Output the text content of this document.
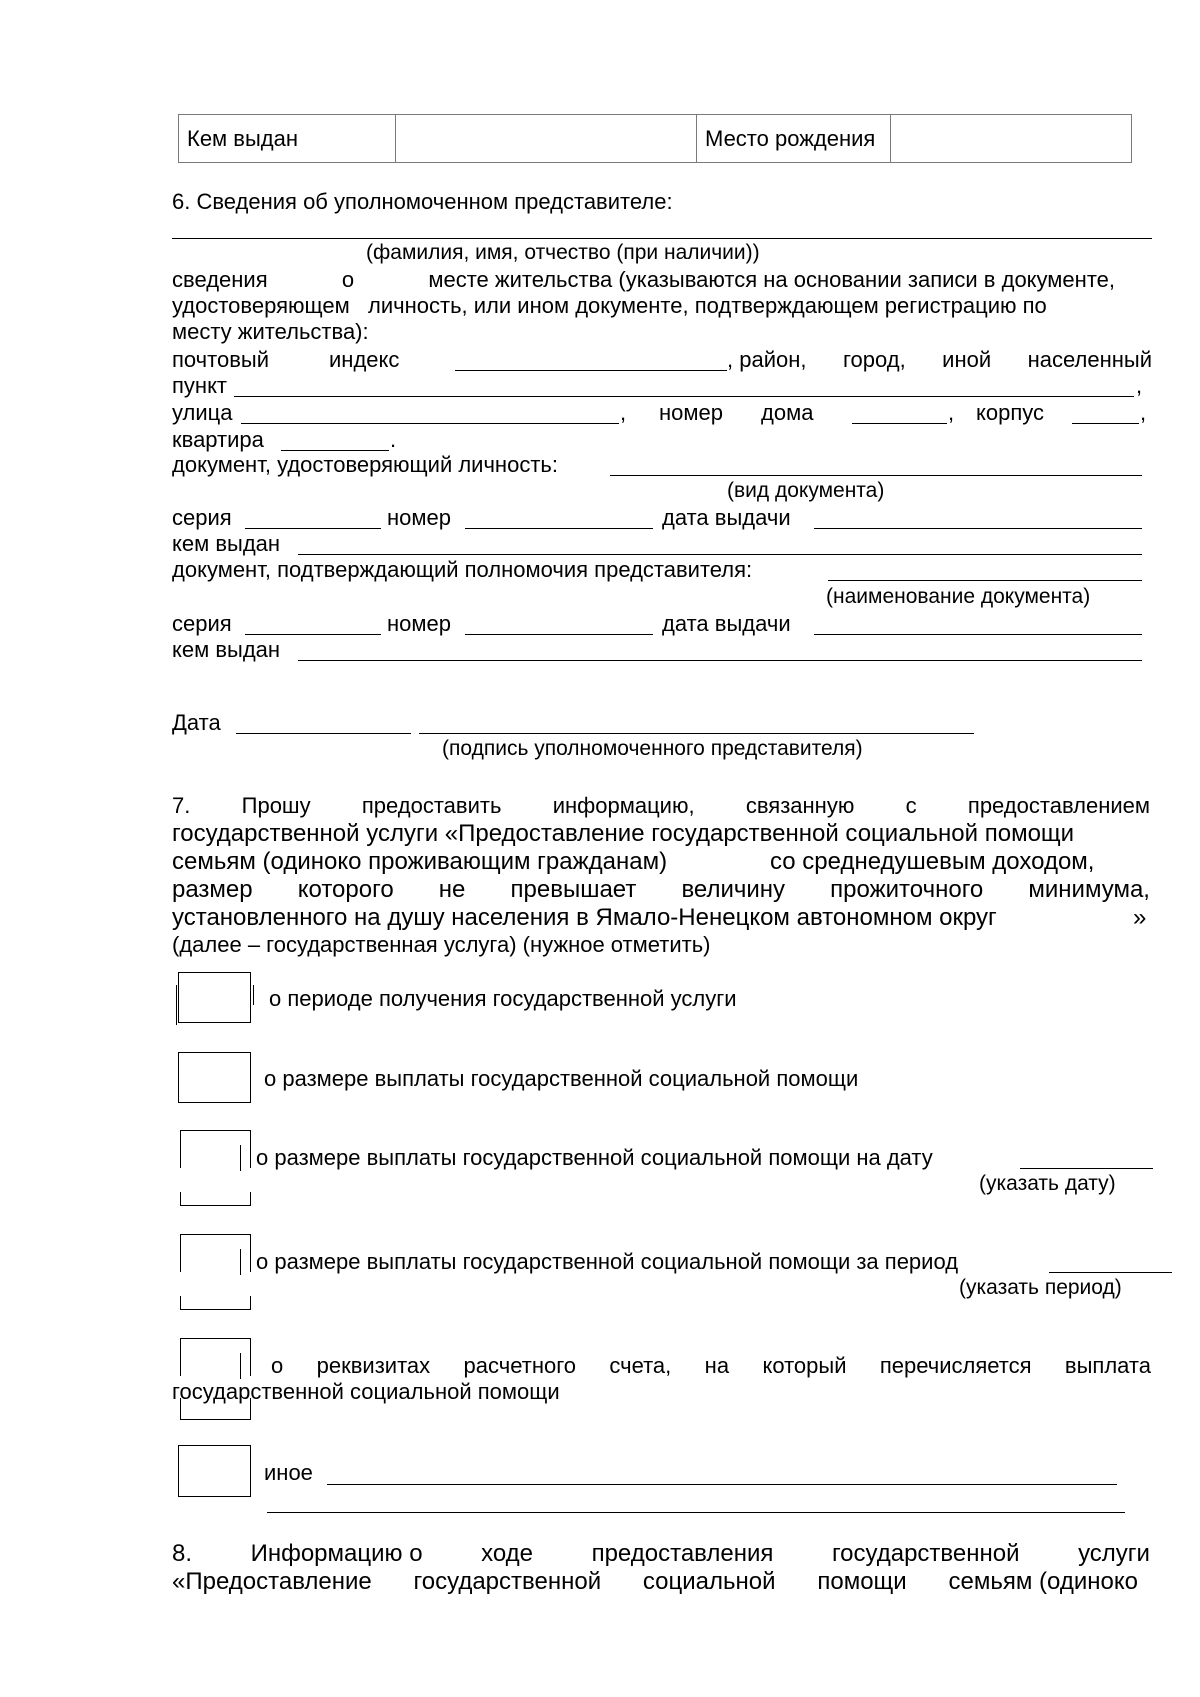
Кем выдан		Место рождения	
6. Сведения об уполномоченном представителе:
(фамилия, имя, отчество (при наличии))
сведения	о	месте жительства (указываются на основании записи в документе,
удостоверяющем   личность, или ином документе, подтверждающем регистрацию по
месту жительства):
почтовый	индекс	, район, город, иной населенный
пункт	,
улица	, номер дома	, корпус	,
квартира	.
документ, удостоверяющий личность:
(вид документа)
серия	номер	дата выдачи
кем выдан
документ, подтверждающий полномочия представителя:
(наименование документа)
серия	номер	дата выдачи
кем выдан
Дата
(подпись уполномоченного представителя)
7. Прошу предоставить информацию, связанную с предоставлением
государственной услуги «Предоставление государственной социальной помощи
семьям (одиноко проживающим гражданам)	со среднедушевым доходом,
размер которого не превышает величину прожиточного минимума,
установленного на душу населения в Ямало-Ненецком автономном округ	»
(далее – государственная услуга) (нужное отметить)
о периоде получения государственной услуги
о размере выплаты государственной социальной помощи
о размере выплаты государственной социальной помощи на дату
(указать дату)
о размере выплаты государственной социальной помощи за период
(указать период)
о реквизитах расчетного счета, на который перечисляется выплата
государственной социальной помощи
иное
8. Информацию о ходе предоставления государственной услуги
«Предоставление государственной социальной помощи семьям (одиноко
